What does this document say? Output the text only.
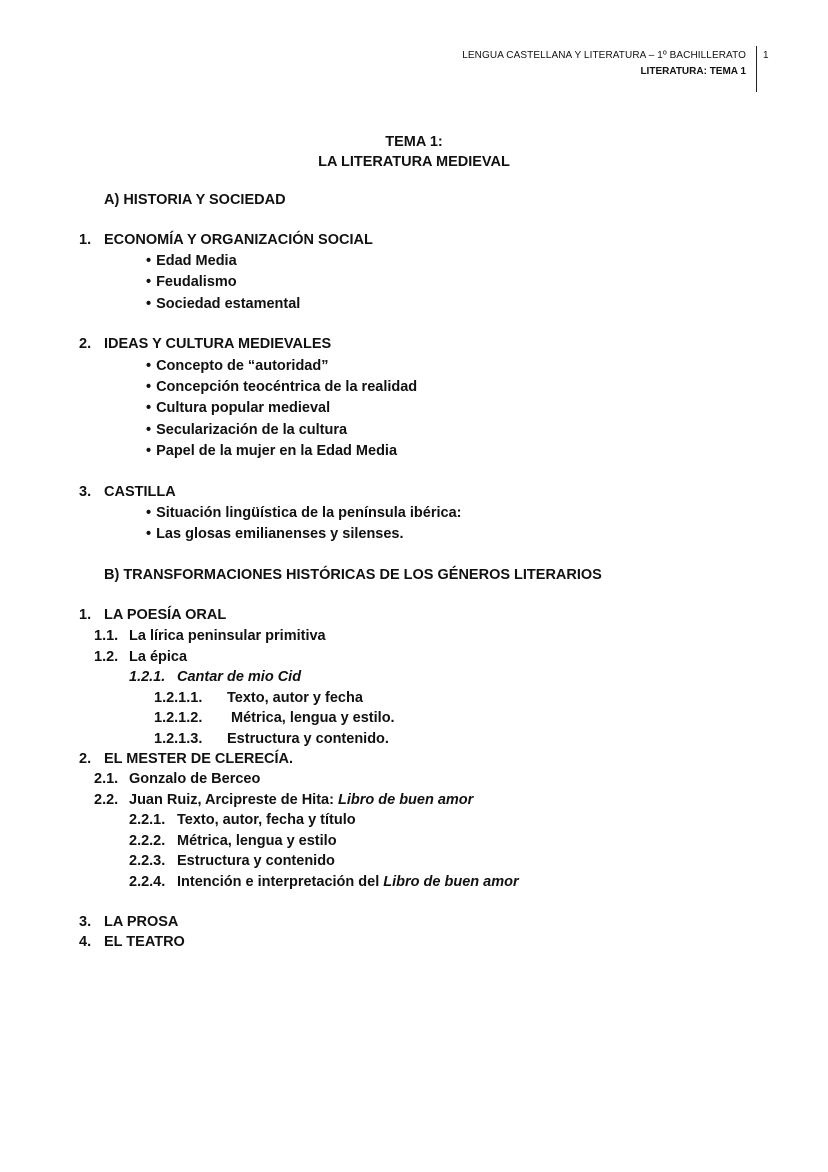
LENGUA CASTELLANA Y LITERATURA – 1º BACHILLERATO
LITERATURA: TEMA 1
1
TEMA 1:
LA LITERATURA MEDIEVAL
A) HISTORIA Y SOCIEDAD
1. ECONOMÍA Y ORGANIZACIÓN SOCIAL
• Edad Media
• Feudalismo
• Sociedad estamental
2. IDEAS Y CULTURA MEDIEVALES
• Concepto de “autoridad”
• Concepción teocéntrica de la realidad
• Cultura popular medieval
• Secularización de la cultura
• Papel de la mujer en la Edad Media
3. CASTILLA
• Situación lingüística de la península ibérica:
• Las glosas emilianenses y silenses.
B) TRANSFORMACIONES HISTÓRICAS DE LOS GÉNEROS LITERARIOS
1. LA POESÍA ORAL
1.1. La lírica peninsular primitiva
1.2. La épica
1.2.1. Cantar de mio Cid
1.2.1.1. Texto, autor y fecha
1.2.1.2. Métrica, lengua y estilo.
1.2.1.3. Estructura y contenido.
2. EL MESTER DE CLERECÍA.
2.1. Gonzalo de Berceo
2.2. Juan Ruiz, Arcipreste de Hita: Libro de buen amor
2.2.1. Texto, autor, fecha y título
2.2.2. Métrica, lengua y estilo
2.2.3. Estructura y contenido
2.2.4. Intención e interpretación del Libro de buen amor
3. LA PROSA
4. EL TEATRO
